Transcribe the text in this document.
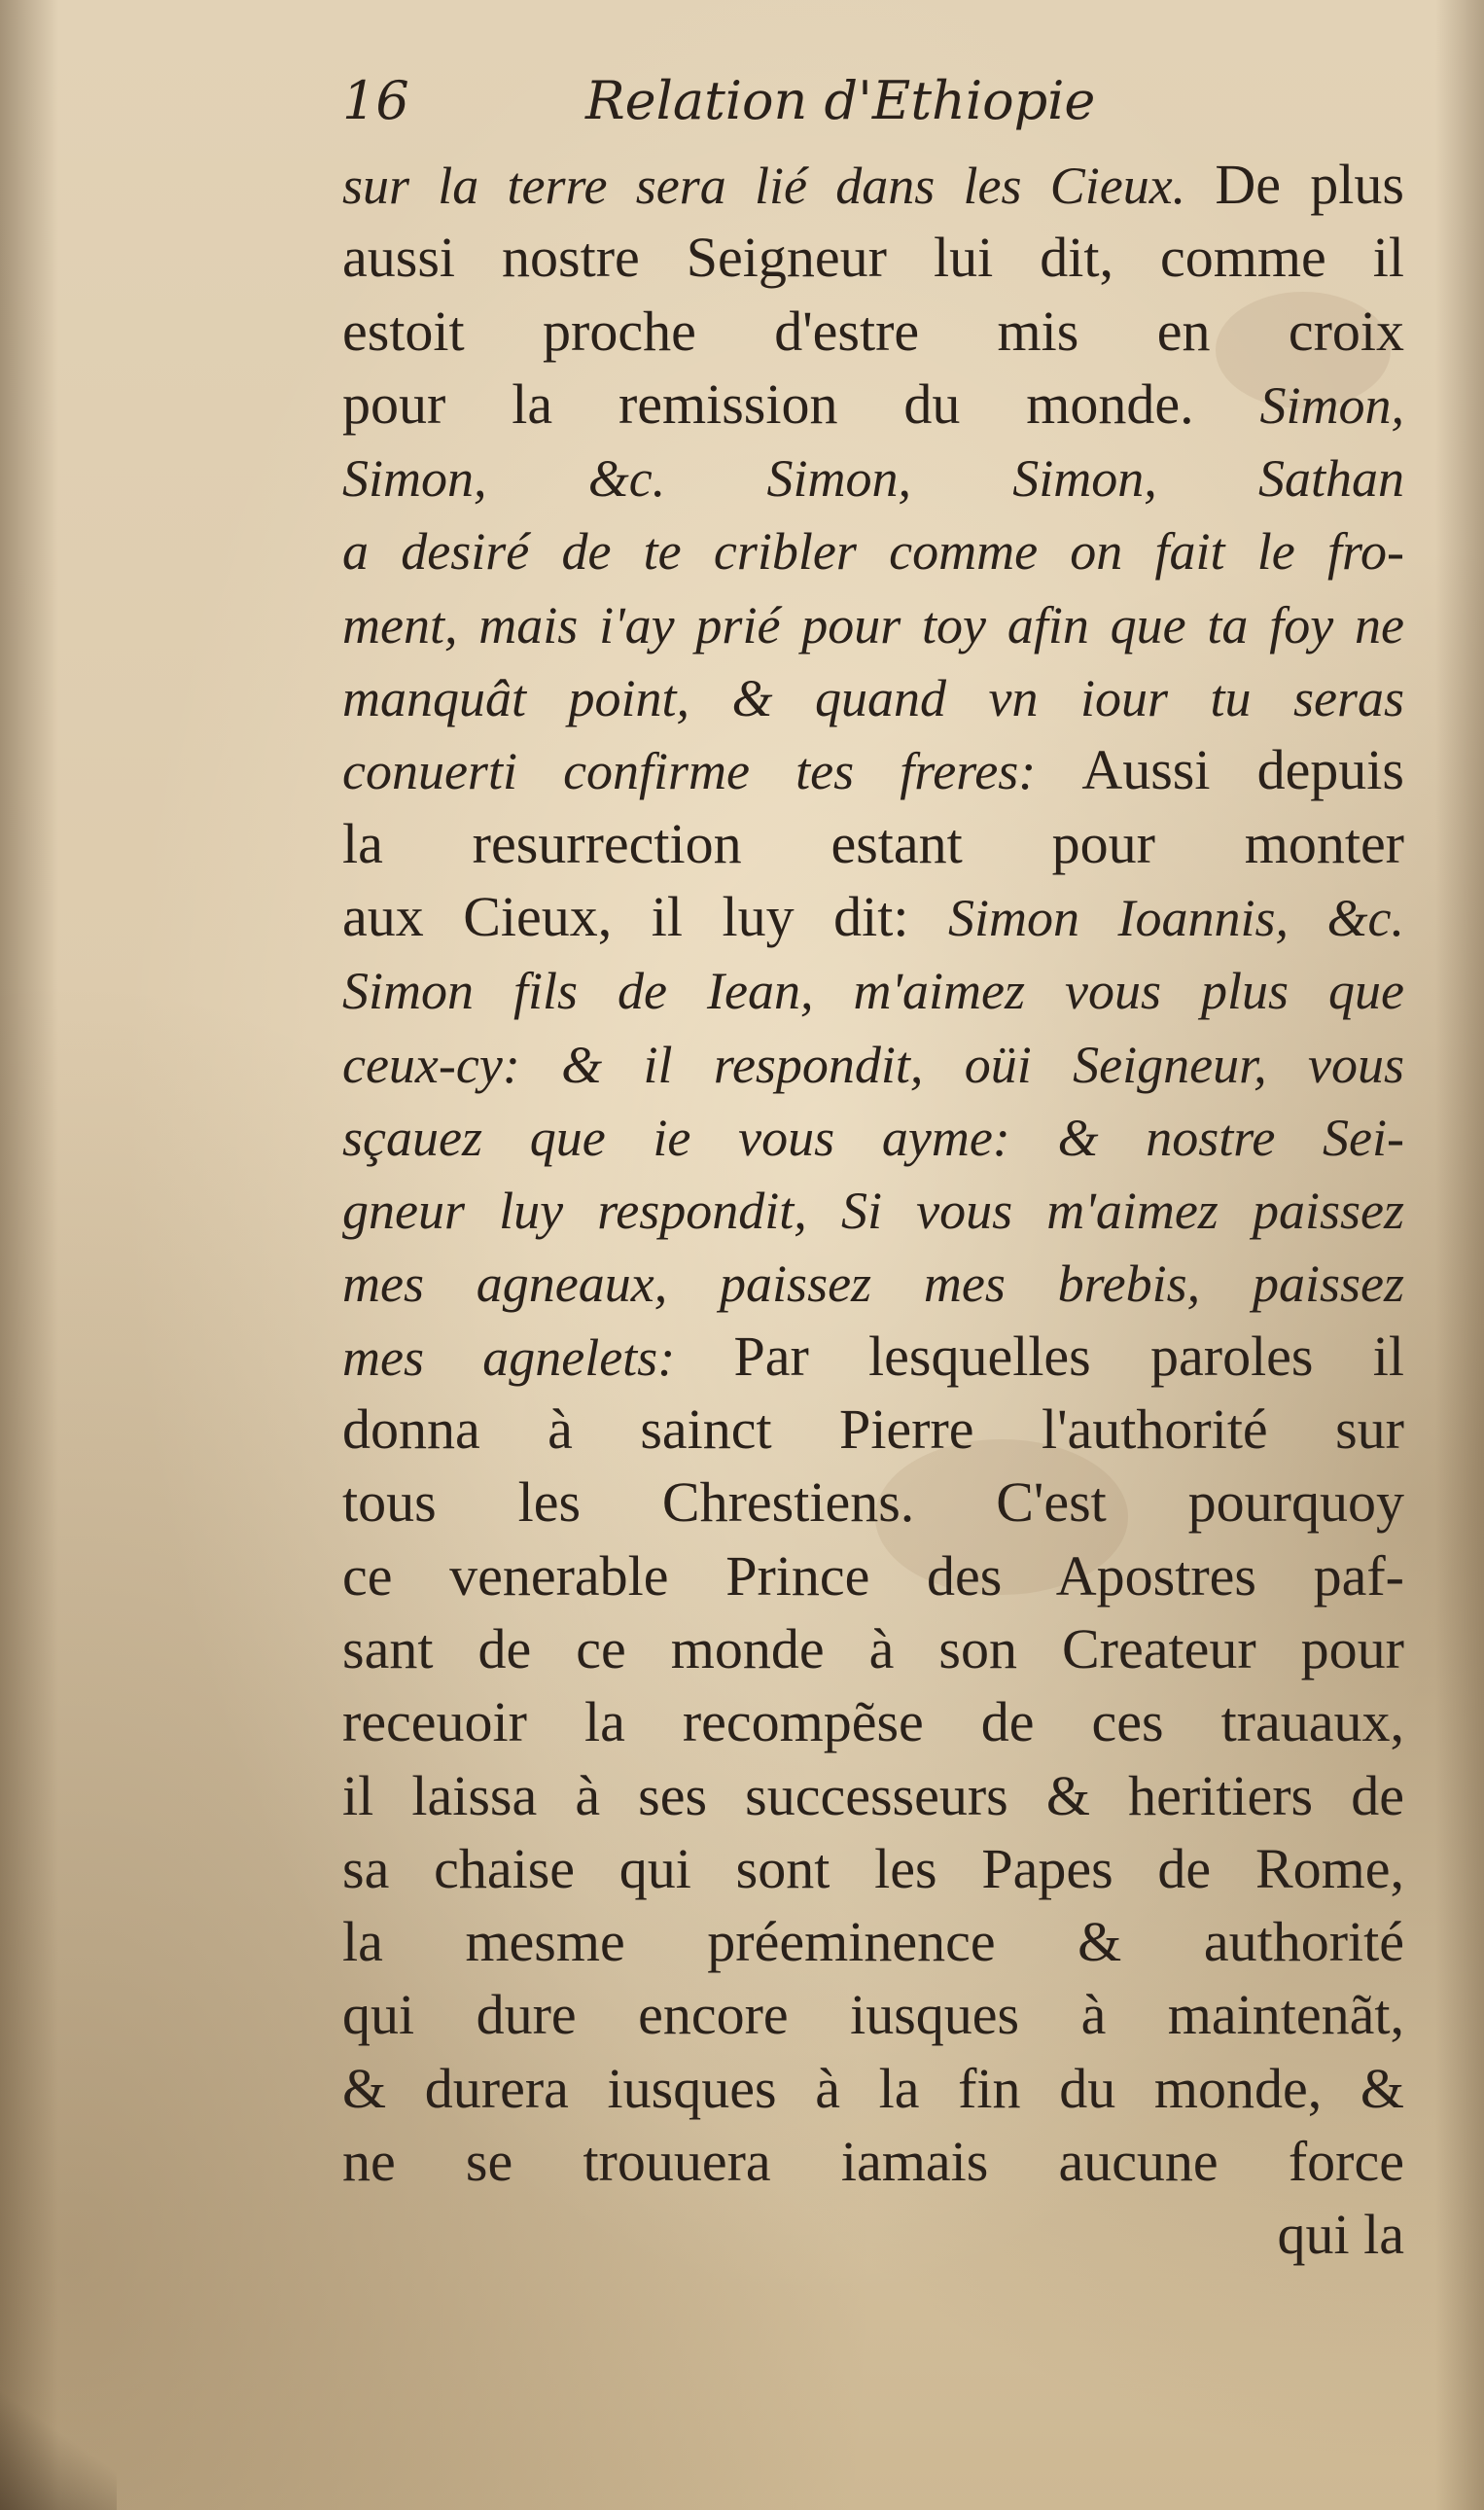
16	Relation d'Ethiopie
sur la terre sera lié dans les Cieux. De plus
aussi nostre Seigneur lui dit, comme il
estoit proche d'estre mis en croix
pour la remission du monde. Simon,
Simon, &c. Simon, Simon, Sathan
a desiré de te cribler comme on fait le fro-
ment, mais i'ay prié pour toy afin que ta foy ne
manquât point, & quand vn iour tu seras
conuerti confirme tes freres: Aussi depuis
la resurrection estant pour monter
aux Cieux, il luy dit: Simon Ioannis, &c.
Simon fils de Iean, m'aimez vous plus que
ceux-cy: & il respondit, oüi Seigneur, vous
sçauez que ie vous ayme: & nostre Sei-
gneur luy respondit, Si vous m'aimez paissez
mes agneaux, paissez mes brebis, paissez
mes agnelets: Par lesquelles paroles il
donna à sainct Pierre l'authorité sur
tous les Chrestiens. C'est pourquoy
ce venerable Prince des Apostres paf-
sant de ce monde à son Createur pour
receuoir la recompẽse de ces trauaux,
il laissa à ses successeurs & heritiers de
sa chaise qui sont les Papes de Rome,
la mesme préeminence & authorité
qui dure encore iusques à maintenãt,
& durera iusques à la fin du monde, &
ne se trouuera iamais aucune force
qui la
